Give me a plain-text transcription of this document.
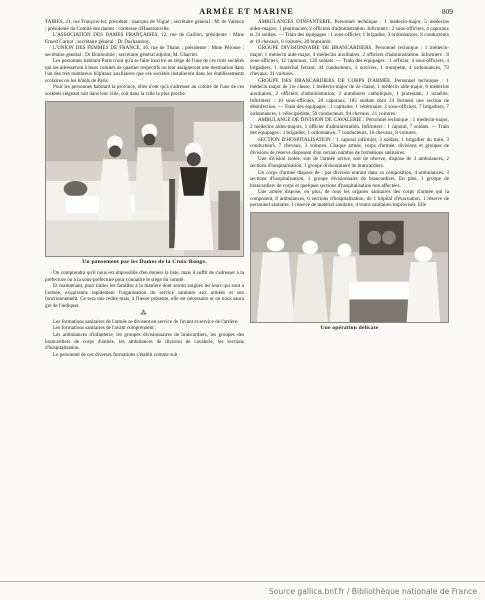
ARMÉE ET MARINE	809

TAIRES, 21, rue François-Ier, président : marquis de Vogué ; secrétaire général : M. de Valence ; présidente du Comité des dames : comtesse d'Haussonville.

L'ASSOCIATION DES DAMES FRANÇAISES, 12, rue de Gaillon, présidente : Mme Ernest Carnot ; secrétaire général : Dr Duchaussoy.

L'UNION DES FEMMES DE FRANCE, 16, rue de Thann ; présidente : Mme Pérouse ; secrétaire général : Dr Bouloumié ; secrétaire général adjoint, M. Charrier.

Les personnes habitant Paris n'ont qu'à se faire inscrire au siège de l'une de ces trois sociétés qui les adresseront à leurs comités de quartier respectifs ou leur assigneront une destination dans l'un des très nombreux hôpitaux auxiliaires que ces sociétés installeront dans les établissements scolaires ou les hôtels de Paris.

Pour les personnes habitant la province, elles n'ont qu'à s'adresser au comité de l'une de ces sociétés siégeant soit dans leur ville, soit dans la ville la plus proche.

Un pansement par les Dames de la Croix-Rouge.

On comprendra qu'il nous est impossible d'en donner la liste, mais il suffit de s'adresser à la préfecture ou à la sous-préfecture pour connaître le siège du comité.

Et maintenant, pour initier les familles à la manière dont seront soignés les leurs qui sont à l'armée, exquissons rapidement l'organisation du service sanitaire aux armées et son fonctionnement. Ce sera une redite mais, à l'heure présente, elle est nécessaire et on nous saura gré de l'indiquer.

⁂

Les formations sanitaires de l'armée se divisent en service de l'avant et service de l'arrière.

Les formations sanitaires de l'avant comprennent :

Les ambulances d'infanterie, les groupes divisionnaires de brancardiers, les groupes des brancardiers de corps d'armée, les ambulances de division de cavalerie, les sections d'hospitalisation.

Le personnel de ces diverses formations s'établit comme suit :

AMBULANCES D'INFANTERIE. Personnel technique : 1 médecin-major, 5 médecins aides-majors, 1 pharmacien, 2 officiers d'administration. Infirmiers : 2 sous-officiers, 4 caporaux et 24 soldats. — Train des équipages : 1 sous-officier, 1 brigadier, 3 ordonnances, 8 conducteurs et 19 chevaux, 6 voitures, 20 brancards.

GROUPE DIVISIONNAIRE DE BRANCARDIERS. Personnel technique : 1 médecin-major, 1 médecin aide-major, 4 médecins auxiliaires, 2 officiers d'administration. Infirmiers : 8 sous-officiers, 12 caporaux, 120 soldats. — Train des équipages : 1 officier, 4 sous-officiers, 4 brigadiers, 1 maréchal ferrant, 44 conducteurs, 3 ouvriers, 1 trompette, 4 ordonnances, 73 chevaux, 21 voitures.

GROUPE DES BRANCARDIERS DE CORPS D'ARMÉE. Personnel technique : 1 médecin major de 1re classe, 1 médecin-major de 2e classe, 1 médecin aide-major, 6 médecins auxiliaires, 2 officiers d'administration, 2 aumôniers catholiques, 1 protestant, 1 israélite. Infirmiers : 10 sous-officiers, 20 caporaux, 185 soldats dont 24 forment une section de désinfection. — Train des équipages : 1 capitaine, 1 vétérinaire, 2 sous-officiers, 7 brigadiers, 7 ordonnances, 1 vélocipédiste, 56 conducteurs, 94 chevaux, 21 voitures.

AMBULANCE DE DIVISION DE CAVALERIE : Personnel technique : 1 médecin-major, 2 médecins aides-majors, 1 officier d'administration. Infirmiers : 1 caporal, 7 soldats. — Train des équipages : 1 brigadier, 1 ordonnance, 7 conducteurs, 16 chevaux, 8 voitures.

SECTION D'HOSPITALISATION : 1 caporal infirmier, 3 soldats, 1 brigadier du train, 3 conducteurs, 7 chevaux, 3 voitures. Chaque armée, corps d'armée, divisions et groupes de divisions de réserve disposent d'un certain nombre de formations sanitaires.

Une division isolée, soit de l'armée active, soit de réserve, dispose de 3 ambulances, 2 sections d'hospitalisation, 1 groupe divisionnaire de brancardiers.

Un corps d'armée dispose de : par division entrant dans sa composition, 4 ambulances, 3 sections d'hospitalisation, 1 groupe divisionnaire de brancardiers. En plus, 1 groupe de brancardiers de corps et quelques sections d'hospitalisation non affectées.

Une armée dispose, en plus, de tous les organes sanitaires des corps d'armée qui la composent, 8 ambulances, 6 sections d'hospitalisation, de 1 hôpital d'évacuation, 1 réserve de personnel sanitaire, 1 réserve de matériel sanitaire, 4 trains sanitaires improvisés. Elle

Une opération délicate
Source gallica.bnf.fr / Bibliothèque nationale de France
